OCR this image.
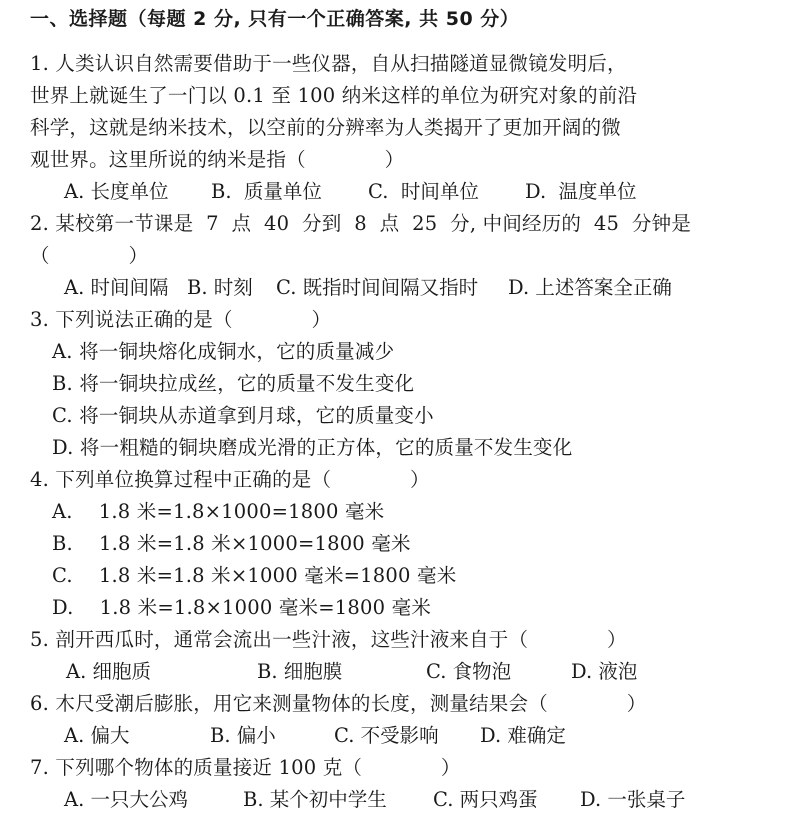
一、选择题（每题 2 分, 只有一个正确答案, 共 50 分）
1. 人类认识自然需要借助于一些仪器，自从扫描隧道显微镜发明后，
世界上就诞生了一门以 0.1 至 100 纳米这样的单位为研究对象的前沿
科学，这就是纳米技术，以空前的分辨率为人类揭开了更加开阔的微
观世界。这里所说的纳米是指（　　　　）
A. 长度单位 B.  质量单位 C.  时间单位 D.  温度单位
2. 某校第一节课是  7  点  40  分到  8  点  25  分, 中间经历的  45  分钟是
（　　　　）
A. 时间间隔 B. 时刻 C. 既指时间间隔又指时 D. 上述答案全正确
3. 下列说法正确的是（　　　　）
A. 将一铜块熔化成铜水，它的质量减少
B. 将一铜块拉成丝，它的质量不发生变化
C. 将一铜块从赤道拿到月球，它的质量变小
D. 将一粗糙的铜块磨成光滑的正方体，它的质量不发生变化
4. 下列单位换算过程中正确的是（　　　　）
A.　 1.8 米=1.8×1000=1800 毫米
B.　 1.8 米=1.8 米×1000=1800 毫米
C.　 1.8 米=1.8 米×1000 毫米=1800 毫米
D.　 1.8 米=1.8×1000 毫米=1800 毫米
5. 剖开西瓜时，通常会流出一些汁液，这些汁液来自于（　　　　）
A. 细胞质	B. 细胞膜	C. 食物泡	D. 液泡
6. 木尺受潮后膨胀，用它来测量物体的长度，测量结果会（　　　　）
A. 偏大	B. 偏小	C. 不受影响 D. 难确定
7. 下列哪个物体的质量接近 100 克（　　　　）
A. 一只大公鸡	B. 某个初中学生 C. 两只鸡蛋 D. 一张桌子
